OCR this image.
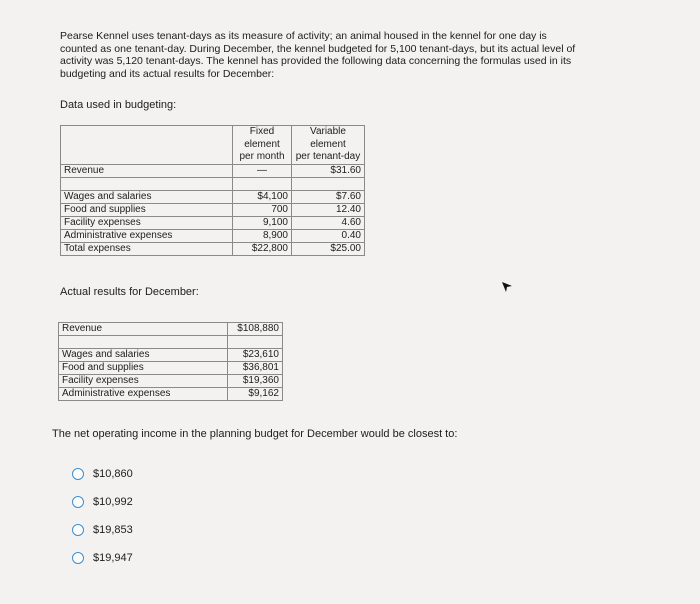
Pearse Kennel uses tenant-days as its measure of activity; an animal housed in the kennel for one day is counted as one tenant-day. During December, the kennel budgeted for 5,100 tenant-days, but its actual level of activity was 5,120 tenant-days. The kennel has provided the following data concerning the formulas used in its budgeting and its actual results for December:

Data used in budgeting:

	Fixed	Variable
	element	element
	per month	per tenant-day
Revenue	—	$31.60

Wages and salaries	$4,100	$7.60
Food and supplies	700	12.40
Facility expenses	9,100	4.60
Administrative expenses	8,900	0.40
Total expenses	$22,800	$25.00

Actual results for December:

Revenue	$108,880

Wages and salaries	$23,610
Food and supplies	$36,801
Facility expenses	$19,360
Administrative expenses	$9,162

The net operating income in the planning budget for December would be closest to:

$10,860
$10,992
$19,853
$19,947
